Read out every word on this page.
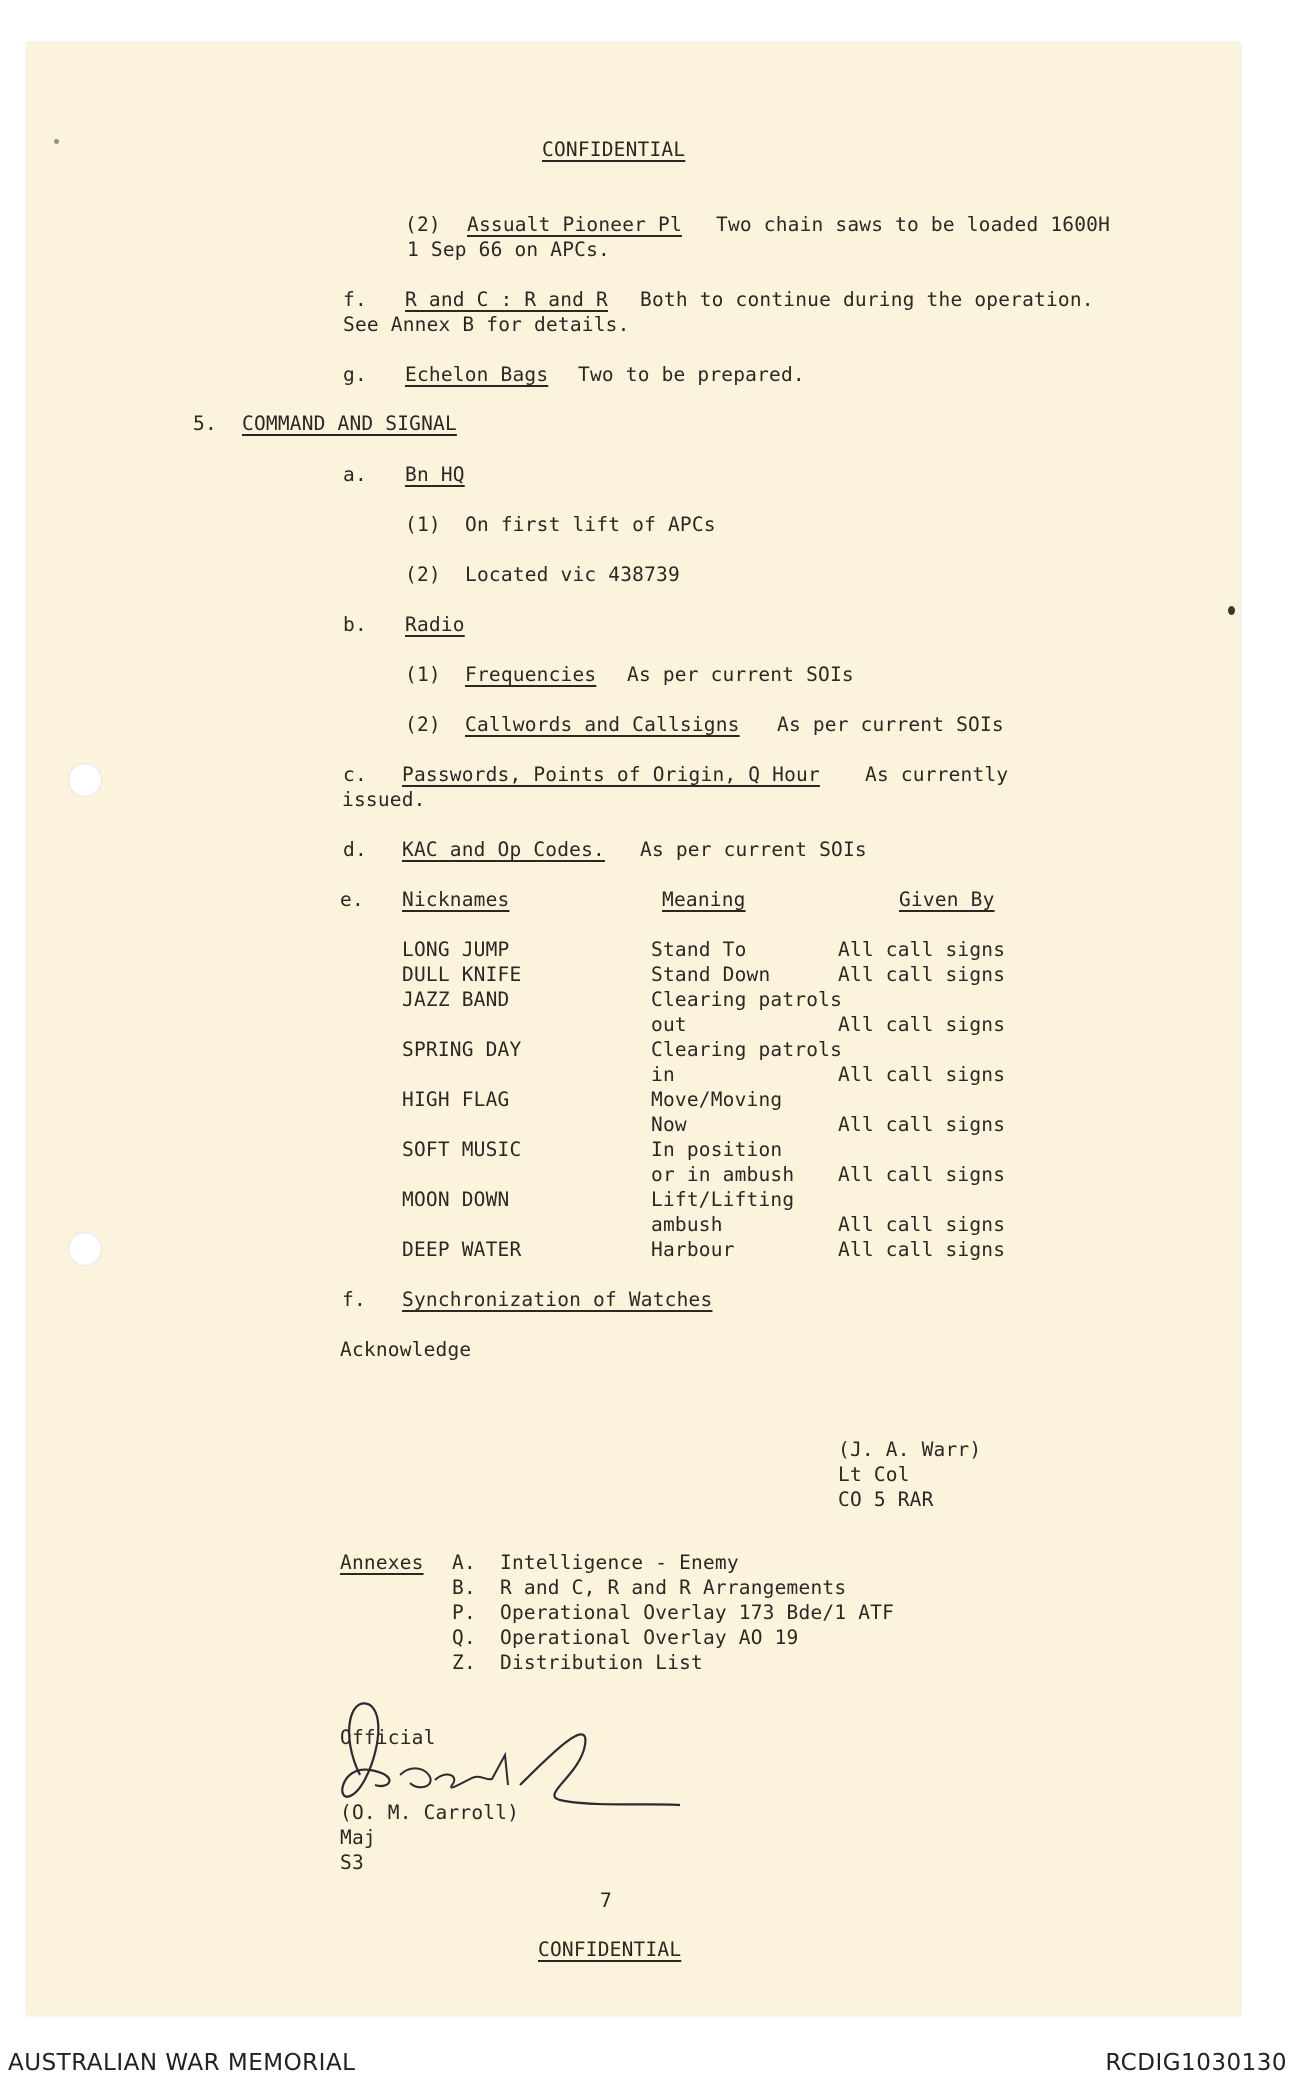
CONFIDENTIAL
(2) Assualt Pioneer Pl Two chain saws to be loaded 1600H
1 Sep 66 on APCs.
f. R and C : R and R Both to continue during the operation.
See Annex B for details.
g. Echelon Bags Two to be prepared.
5. COMMAND AND SIGNAL
a. Bn HQ
(1) On first lift of APCs
(2) Located vic 438739
b. Radio
(1) Frequencies As per current SOIs
(2) Callwords and Callsigns As per current SOIs
c. Passwords, Points of Origin, Q Hour As currently
issued.
d. KAC and Op Codes. As per current SOIs
e. Nicknames	Meaning	Given By
LONG JUMP	Stand To	All call signs
DULL KNIFE	Stand Down	All call signs
JAZZ BAND	Clearing patrols
out	All call signs
SPRING DAY	Clearing patrols
in	All call signs
HIGH FLAG	Move/Moving
Now	All call signs
SOFT MUSIC	In position
or in ambush All call signs
MOON DOWN	Lift/Lifting
ambush	All call signs
DEEP WATER	Harbour	All call signs
f. Synchronization of Watches
Acknowledge
(J. A. Warr)
Lt Col
CO 5 RAR
Annexes A. Intelligence - Enemy
B. R and C, R and R Arrangements
P. Operational Overlay 173 Bde/1 ATF
Q. Operational Overlay AO 19
Z. Distribution List
Official
(O. M. Carroll)
Maj
S3
7
CONFIDENTIAL
AUSTRALIAN WAR MEMORIAL	RCDIG1030130
